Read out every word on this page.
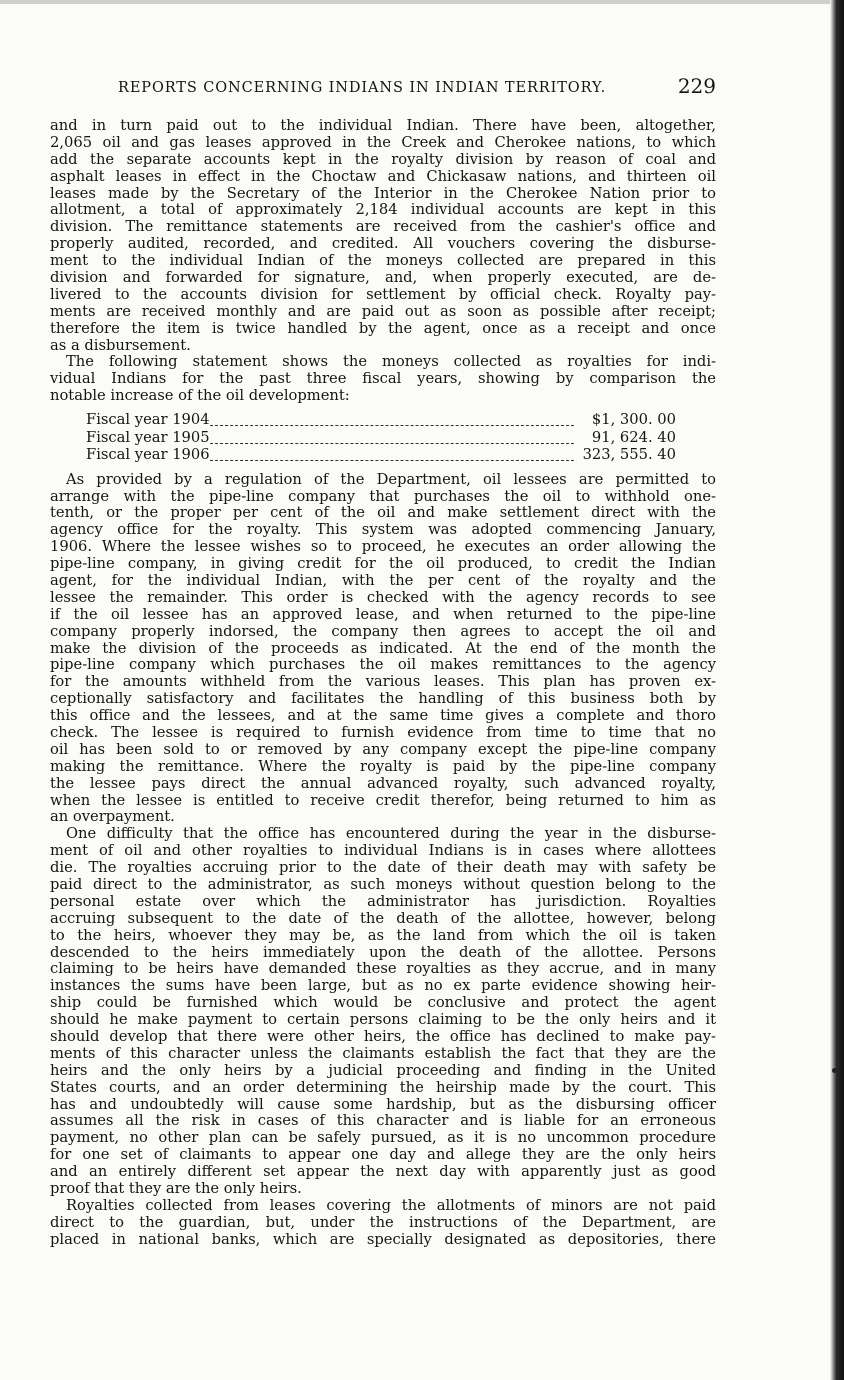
REPORTS CONCERNING INDIANS IN INDIAN TERRITORY.	229
and in turn paid out to the individual Indian. There have been, altogether,
2,065 oil and gas leases approved in the Creek and Cherokee nations, to which
add the separate accounts kept in the royalty division by reason of coal and
asphalt leases in effect in the Choctaw and Chickasaw nations, and thirteen oil
leases made by the Secretary of the Interior in the Cherokee Nation prior to
allotment, a total of approximately 2,184 individual accounts are kept in this
division. The remittance statements are received from the cashier's office and
properly audited, recorded, and credited. All vouchers covering the disburse-
ment to the individual Indian of the moneys collected are prepared in this
division and forwarded for signature, and, when properly executed, are de-
livered to the accounts division for settlement by official check. Royalty pay-
ments are received monthly and are paid out as soon as possible after receipt;
therefore the item is twice handled by the agent, once as a receipt and once
as a disbursement.
The following statement shows the moneys collected as royalties for indi-
vidual Indians for the past three fiscal years, showing by comparison the
notable increase of the oil development:
Fiscal year 1904	$1, 300. 00
Fiscal year 1905	91, 624. 40
Fiscal year 1906	323, 555. 40
As provided by a regulation of the Department, oil lessees are permitted to
arrange with the pipe-line company that purchases the oil to withhold one-
tenth, or the proper per cent of the oil and make settlement direct with the
agency office for the royalty. This system was adopted commencing January,
1906. Where the lessee wishes so to proceed, he executes an order allowing the
pipe-line company, in giving credit for the oil produced, to credit the Indian
agent, for the individual Indian, with the per cent of the royalty and the
lessee the remainder. This order is checked with the agency records to see
if the oil lessee has an approved lease, and when returned to the pipe-line
company properly indorsed, the company then agrees to accept the oil and
make the division of the proceeds as indicated. At the end of the month the
pipe-line company which purchases the oil makes remittances to the agency
for the amounts withheld from the various leases. This plan has proven ex-
ceptionally satisfactory and facilitates the handling of this business both by
this office and the lessees, and at the same time gives a complete and thoro
check. The lessee is required to furnish evidence from time to time that no
oil has been sold to or removed by any company except the pipe-line company
making the remittance. Where the royalty is paid by the pipe-line company
the lessee pays direct the annual advanced royalty, such advanced royalty,
when the lessee is entitled to receive credit therefor, being returned to him as
an overpayment.
One difficulty that the office has encountered during the year in the disburse-
ment of oil and other royalties to individual Indians is in cases where allottees
die. The royalties accruing prior to the date of their death may with safety be
paid direct to the administrator, as such moneys without question belong to the
personal estate over which the administrator has jurisdiction. Royalties
accruing subsequent to the date of the death of the allottee, however, belong
to the heirs, whoever they may be, as the land from which the oil is taken
descended to the heirs immediately upon the death of the allottee. Persons
claiming to be heirs have demanded these royalties as they accrue, and in many
instances the sums have been large, but as no ex parte evidence showing heir-
ship could be furnished which would be conclusive and protect the agent
should he make payment to certain persons claiming to be the only heirs and it
should develop that there were other heirs, the office has declined to make pay-
ments of this character unless the claimants establish the fact that they are the
heirs and the only heirs by a judicial proceeding and finding in the United
States courts, and an order determining the heirship made by the court. This
has and undoubtedly will cause some hardship, but as the disbursing officer
assumes all the risk in cases of this character and is liable for an erroneous
payment, no other plan can be safely pursued, as it is no uncommon procedure
for one set of claimants to appear one day and allege they are the only heirs
and an entirely different set appear the next day with apparently just as good
proof that they are the only heirs.
Royalties collected from leases covering the allotments of minors are not paid
direct to the guardian, but, under the instructions of the Department, are
placed in national banks, which are specially designated as depositories, there
